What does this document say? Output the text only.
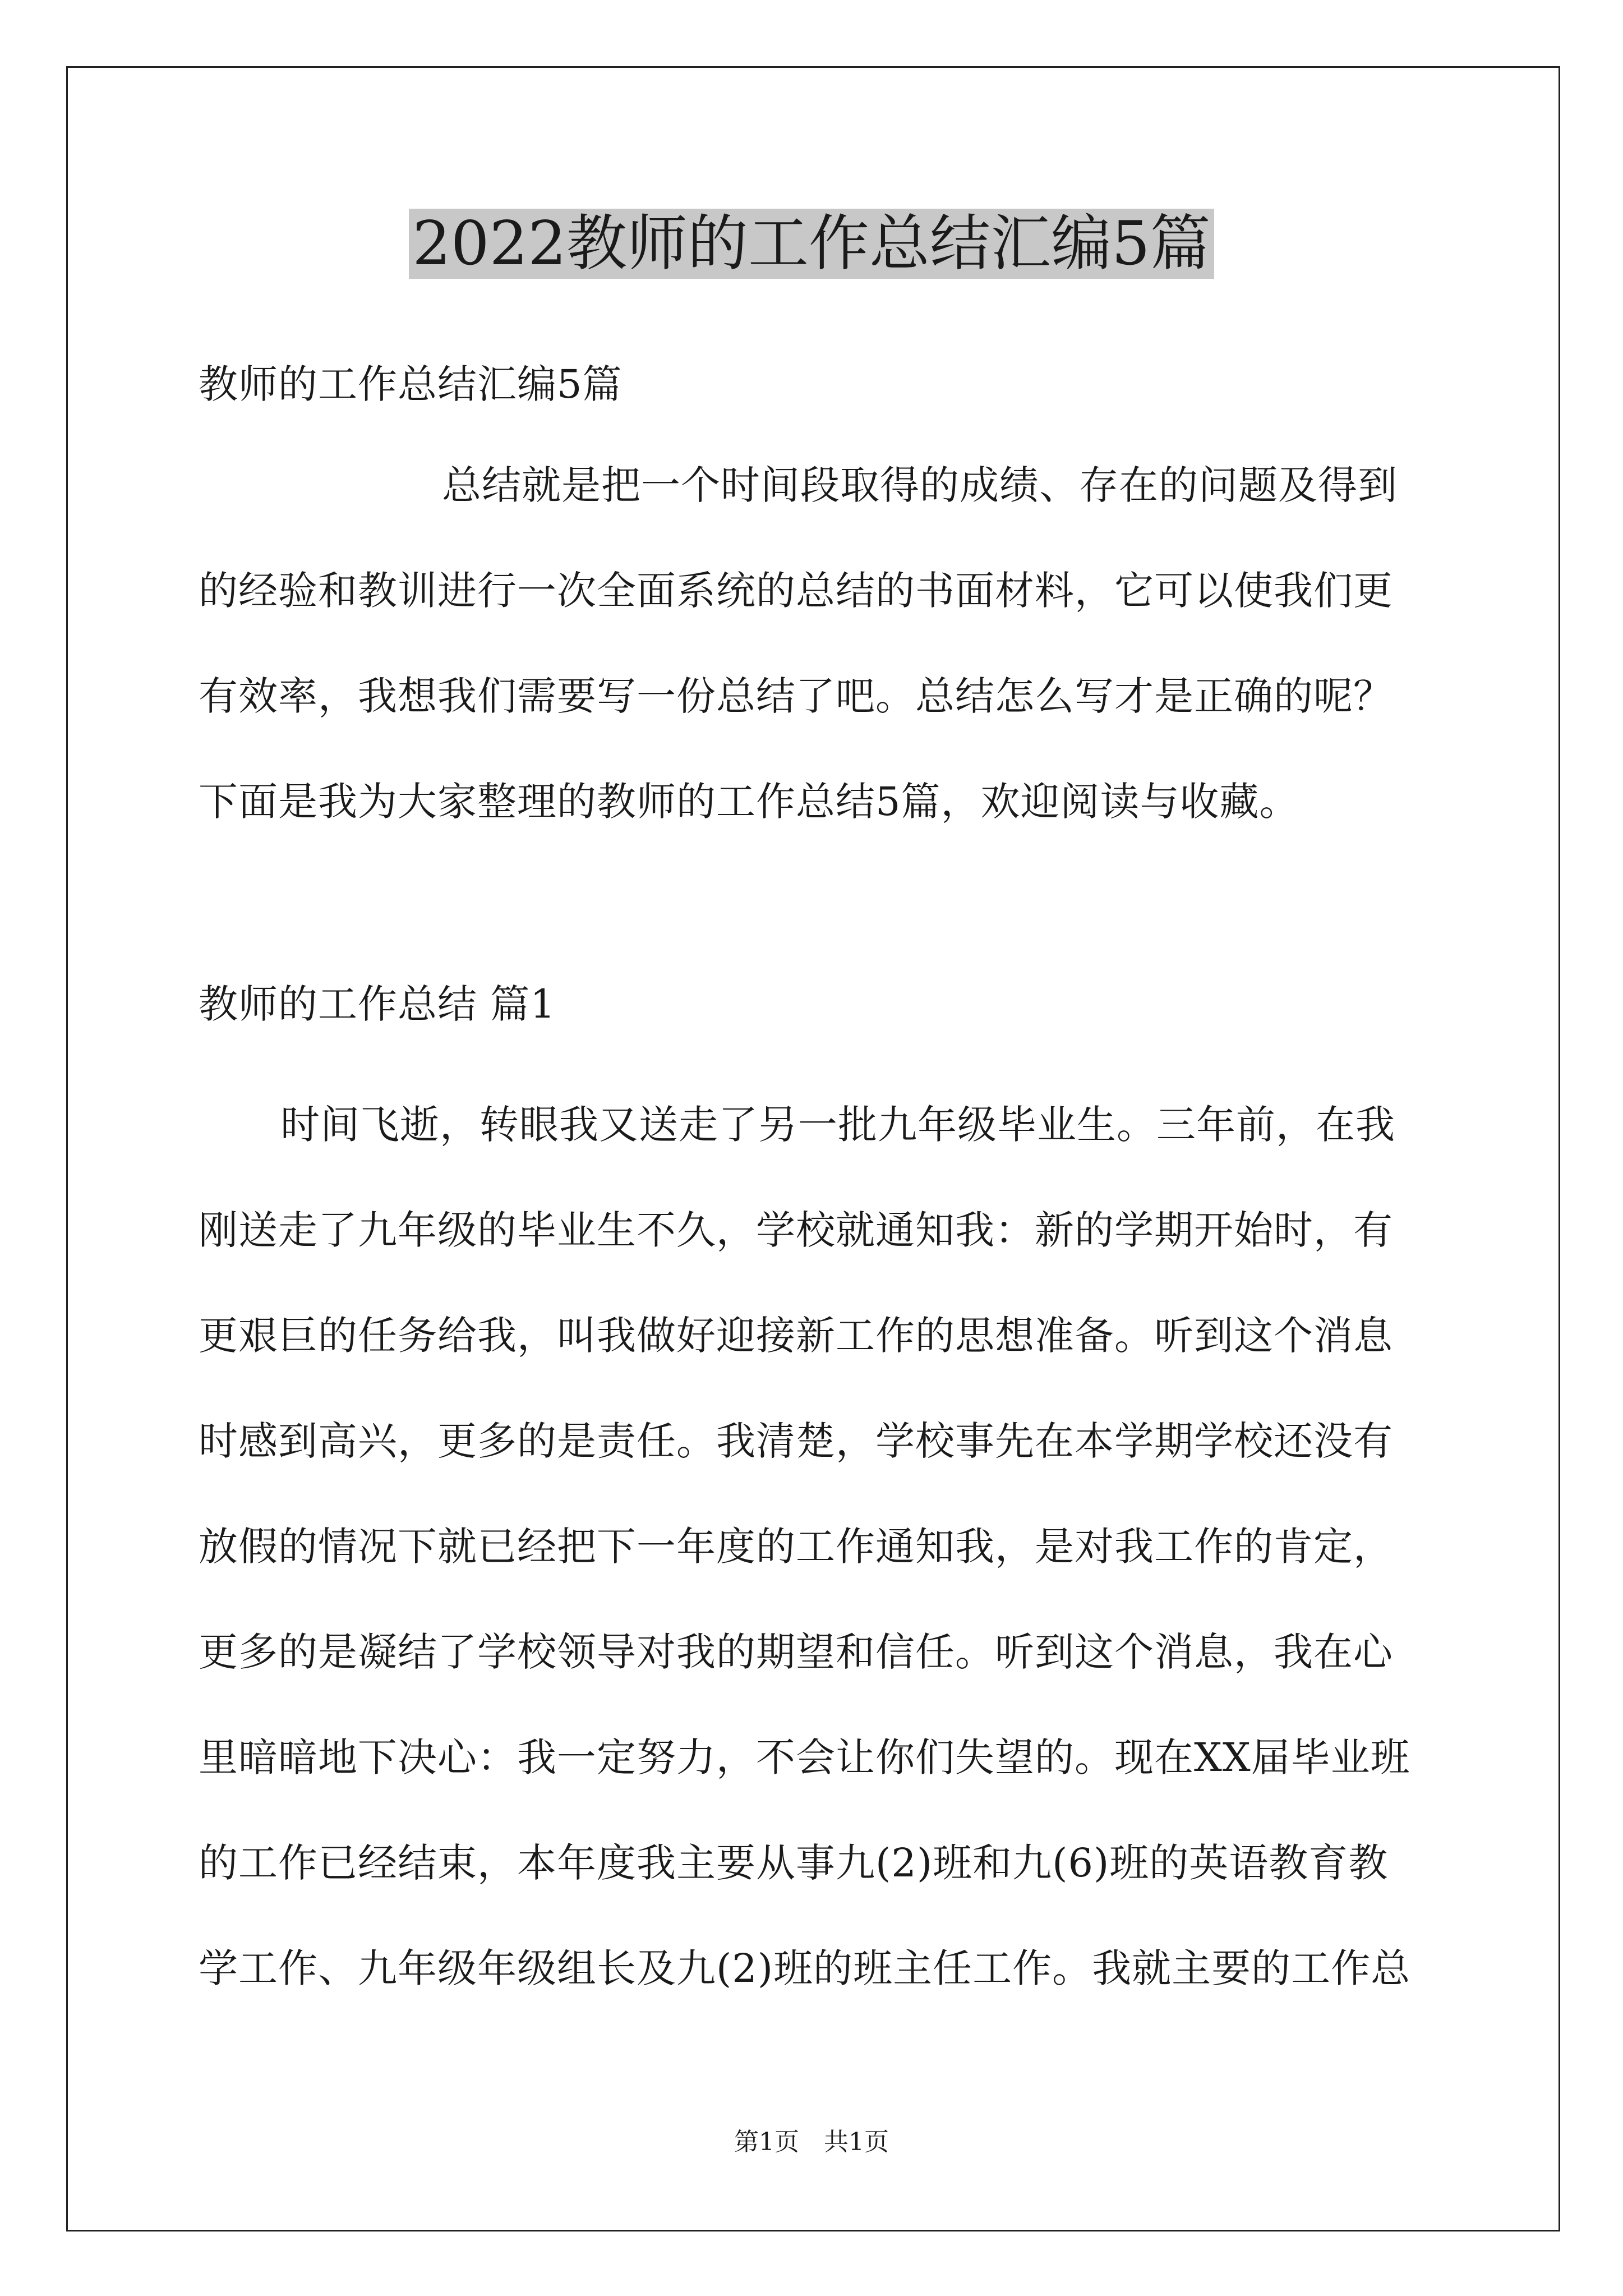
2022教师的工作总结汇编5篇
教师的工作总结汇编5篇
总结就是把一个时间段取得的成绩、存在的问题及得到
的经验和教训进行一次全面系统的总结的书面材料，它可以使我们更
有效率，我想我们需要写一份总结了吧。总结怎么写才是正确的呢？
下面是我为大家整理的教师的工作总结5篇，欢迎阅读与收藏。
教师的工作总结 篇1
时间飞逝，转眼我又送走了另一批九年级毕业生。三年前，在我
刚送走了九年级的毕业生不久，学校就通知我：新的学期开始时，有
更艰巨的任务给我，叫我做好迎接新工作的思想准备。听到这个消息
时感到高兴，更多的是责任。我清楚，学校事先在本学期学校还没有
放假的情况下就已经把下一年度的工作通知我，是对我工作的肯定，
更多的是凝结了学校领导对我的期望和信任。听到这个消息，我在心
里暗暗地下决心：我一定努力，不会让你们失望的。现在XX届毕业班
的工作已经结束，本年度我主要从事九(2)班和九(6)班的英语教育教
学工作、九年级年级组长及九(2)班的班主任工作。我就主要的工作总
第1页　共1页
